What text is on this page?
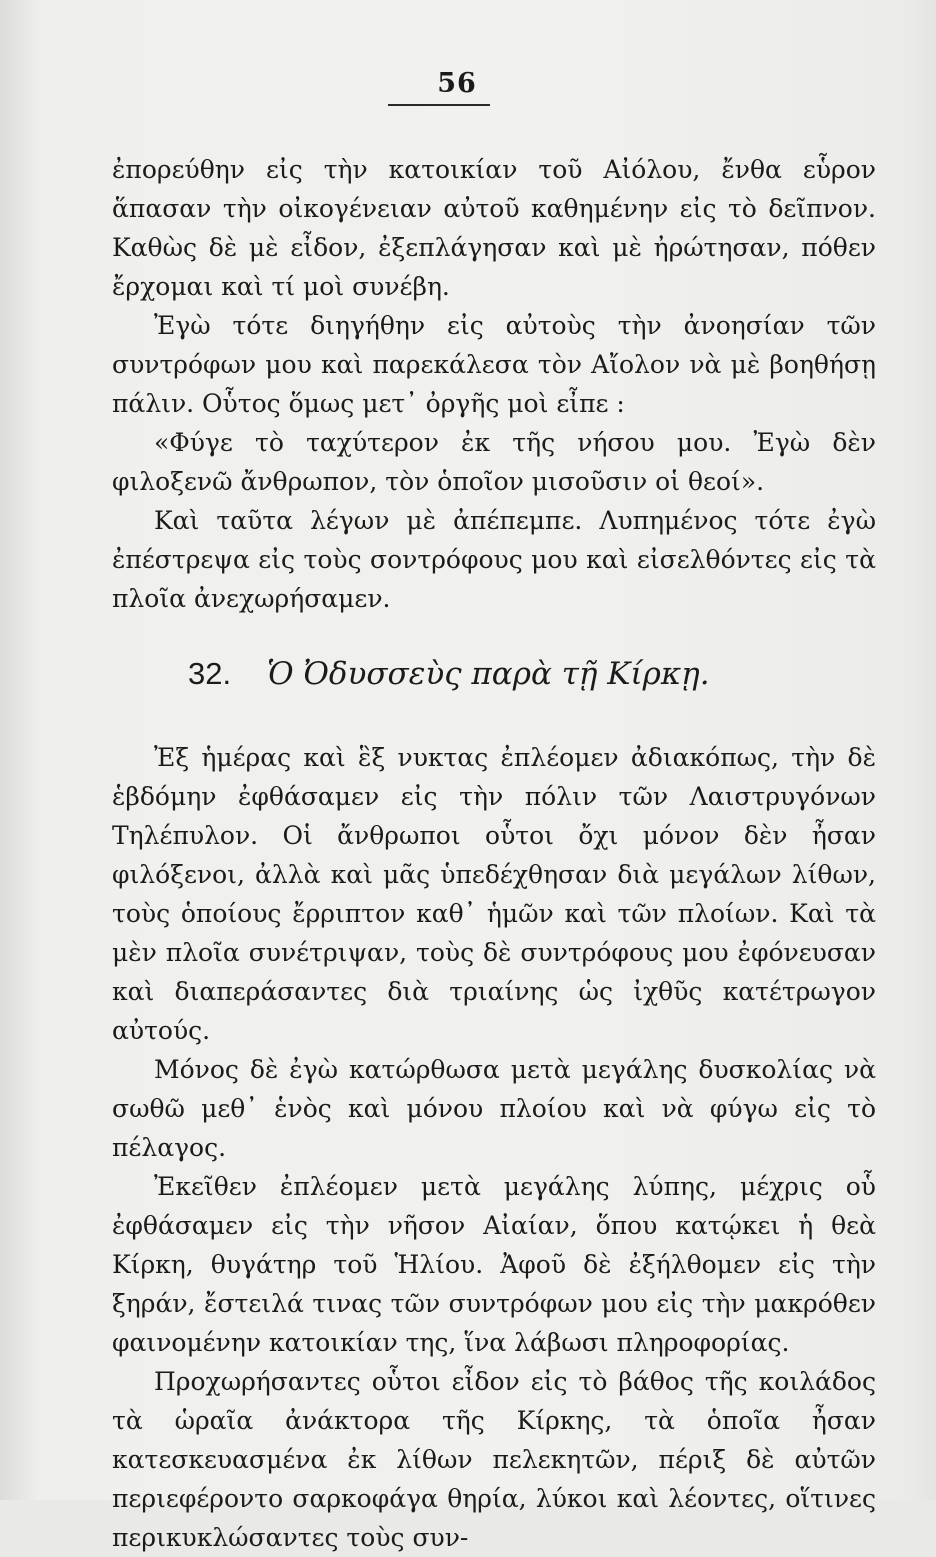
56

ἐπορεύθην εἰς τὴν κατοικίαν τοῦ Αἰόλου, ἔνθα εὗρον ἅπασαν τὴν οἰκογένειαν αὐτοῦ καθημένην εἰς τὸ δεῖπνον. Καθὼς δὲ μὲ εἶδον, ἐξεπλάγησαν καὶ μὲ ἠρώτησαν, πόθεν ἔρχομαι καὶ τί μοὶ συνέβη.

Ἐγὼ τότε διηγήθην εἰς αὐτοὺς τὴν ἀνοησίαν τῶν συντρόφων μου καὶ παρεκάλεσα τὸν Αἴολον νὰ μὲ βοηθήσῃ πάλιν. Οὗτος ὅμως μετ᾽ ὀργῆς μοὶ εἶπε :

«Φύγε τὸ ταχύτερον ἐκ τῆς νήσου μου. Ἐγὼ δὲν φιλοξενῶ ἄνθρωπον, τὸν ὁποῖον μισοῦσιν οἱ θεοί».

Καὶ ταῦτα λέγων μὲ ἀπέπεμπε. Λυπημένος τότε ἐγὼ ἐπέστρεψα εἰς τοὺς σοντρόφους μου καὶ εἰσελθόντες εἰς τὰ πλοῖα ἀνεχωρήσαμεν.

32. Ὁ Ὀδυσσεὺς παρὰ τῇ Κίρκῃ.

Ἐξ ἡμέρας καὶ ἓξ νυκτας ἐπλέομεν ἀδιακόπως, τὴν δὲ ἑβδόμην ἐφθάσαμεν εἰς τὴν πόλιν τῶν Λαιστρυγόνων Τηλέπυλον. Οἱ ἄνθρωποι οὗτοι ὄχι μόνον δὲν ἦσαν φιλόξενοι, ἀλλὰ καὶ μᾶς ὑπεδέχθησαν διὰ μεγάλων λίθων, τοὺς ὁποίους ἔρριπτον καθ᾽ ἡμῶν καὶ τῶν πλοίων. Καὶ τὰ μὲν πλοῖα συνέτριψαν, τοὺς δὲ συντρόφους μου ἐφόνευσαν καὶ διαπεράσαντες διὰ τριαίνης ὡς ἰχθῦς κατέτρωγον αὐτούς.

Μόνος δὲ ἐγὼ κατώρθωσα μετὰ μεγάλης δυσκολίας νὰ σωθῶ μεθ᾽ ἑνὸς καὶ μόνου πλοίου καὶ νὰ φύγω εἰς τὸ πέλαγος.

Ἐκεῖθεν ἐπλέομεν μετὰ μεγάλης λύπης, μέχρις οὗ ἐφθάσαμεν εἰς τὴν νῆσον Αἰαίαν, ὅπου κατῴκει ἡ θεὰ Κίρκη, θυγάτηρ τοῦ Ἡλίου. Ἀφοῦ δὲ ἐξήλθομεν εἰς τὴν ξηράν, ἔστειλά τινας τῶν συντρόφων μου εἰς τὴν μακρόθεν φαινομένην κατοικίαν της, ἵνα λάβωσι πληροφορίας.

Προχωρήσαντες οὗτοι εἶδον εἰς τὸ βάθος τῆς κοιλάδος τὰ ὡραῖα ἀνάκτορα τῆς Κίρκης, τὰ ὁποῖα ἦσαν κατεσκευασμένα ἐκ λίθων πελεκητῶν, πέριξ δὲ αὐτῶν περιεφέροντο σαρκοφάγα θηρία, λύκοι καὶ λέοντες, οἵτινες περικυκλώσαντες τοὺς συν-
